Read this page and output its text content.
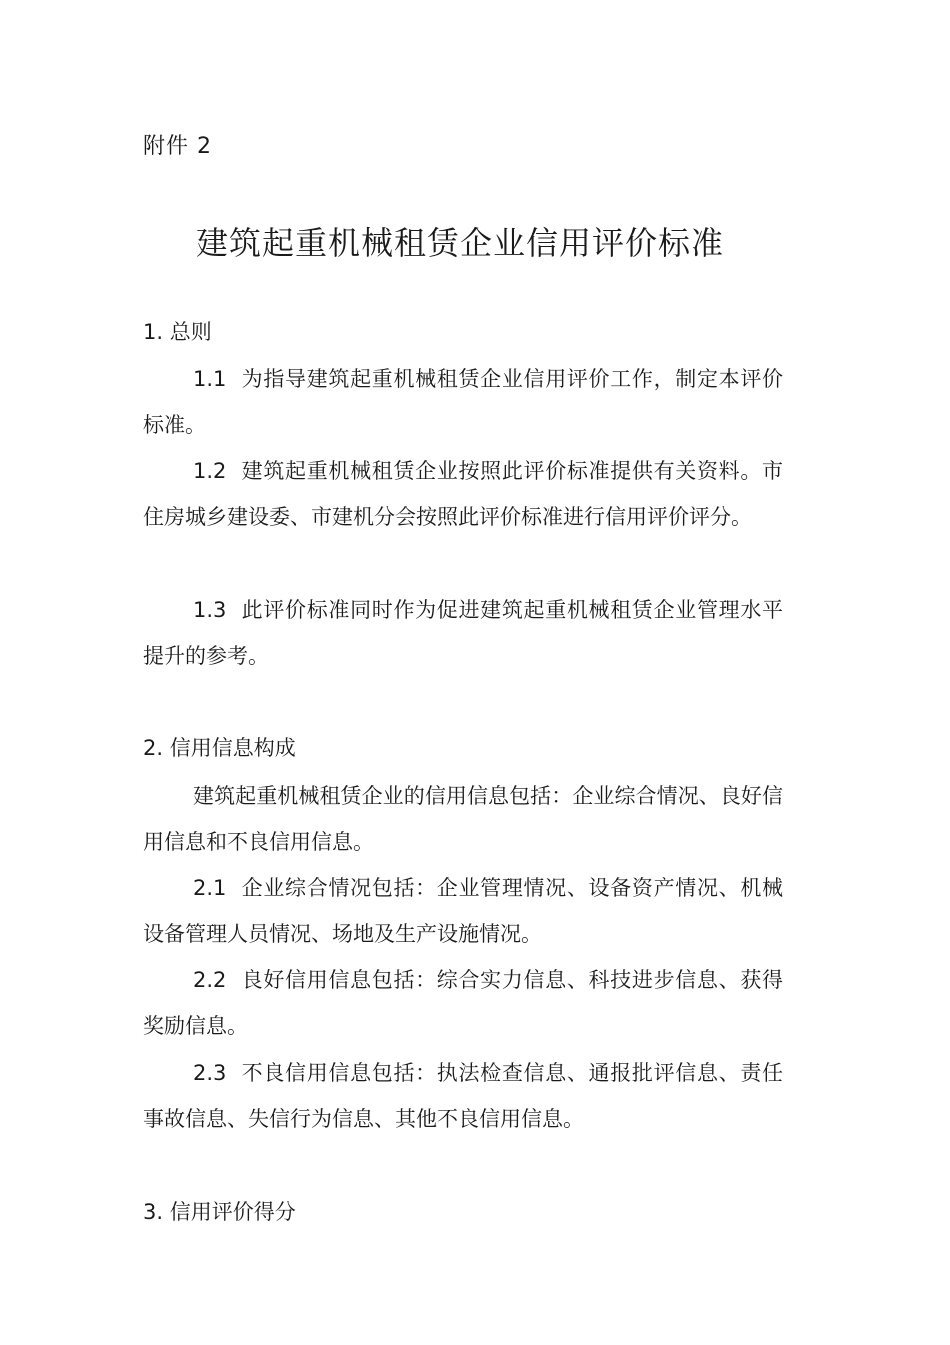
附件 2
建筑起重机械租赁企业信用评价标准
1. 总则

1.1 为指导建筑起重机械租赁企业信用评价工作，制定本评价标准。

1.2 建筑起重机械租赁企业按照此评价标准提供有关资料。市住房城乡建设委、市建机分会按照此评价标准进行信用评价评分。

1.3 此评价标准同时作为促进建筑起重机械租赁企业管理水平提升的参考。

2. 信用信息构成

建筑起重机械租赁企业的信用信息包括：企业综合情况、良好信用信息和不良信用信息。

2.1 企业综合情况包括：企业管理情况、设备资产情况、机械设备管理人员情况、场地及生产设施情况。

2.2 良好信用信息包括：综合实力信息、科技进步信息、获得奖励信息。

2.3 不良信用信息包括：执法检查信息、通报批评信息、责任事故信息、失信行为信息、其他不良信用信息。

3. 信用评价得分
